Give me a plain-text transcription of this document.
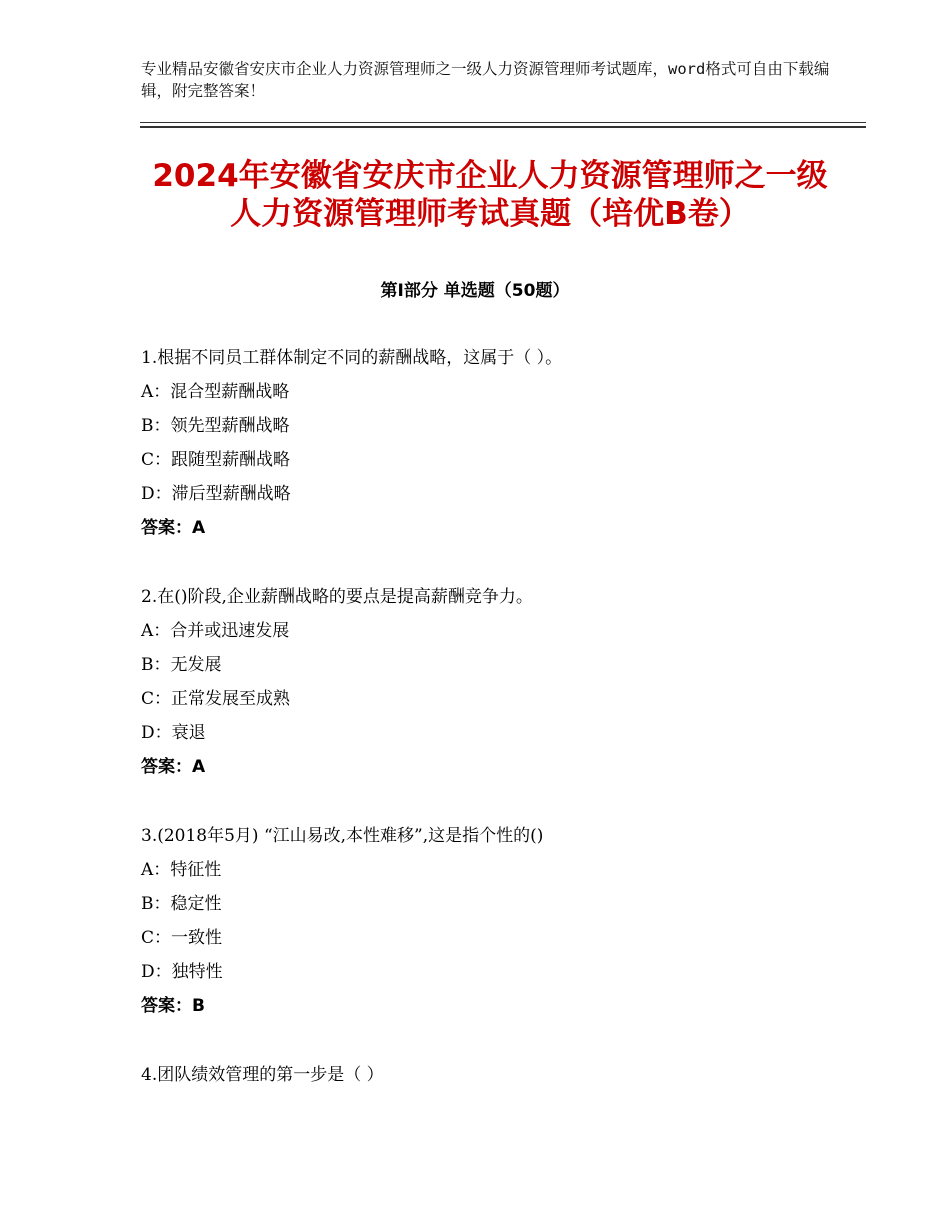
专业精品安徽省安庆市企业人力资源管理师之一级人力资源管理师考试题库，word格式可自由下载编辑，附完整答案！
2024年安徽省安庆市企业人力资源管理师之一级人力资源管理师考试真题（培优B卷）
第Ⅰ部分 单选题（50题）
1.根据不同员工群体制定不同的薪酬战略，这属于（ ）。
A：混合型薪酬战略
B：领先型薪酬战略
C：跟随型薪酬战略
D：滞后型薪酬战略
答案：A
2.在()阶段,企业薪酬战略的要点是提高薪酬竞争力。
A：合并或迅速发展
B：无发展
C：正常发展至成熟
D：衰退
答案：A
3.(2018年5月) “江山易改,本性难移”,这是指个性的()
A：特征性
B：稳定性
C：一致性
D：独特性
答案：B
4.团队绩效管理的第一步是（ ）
